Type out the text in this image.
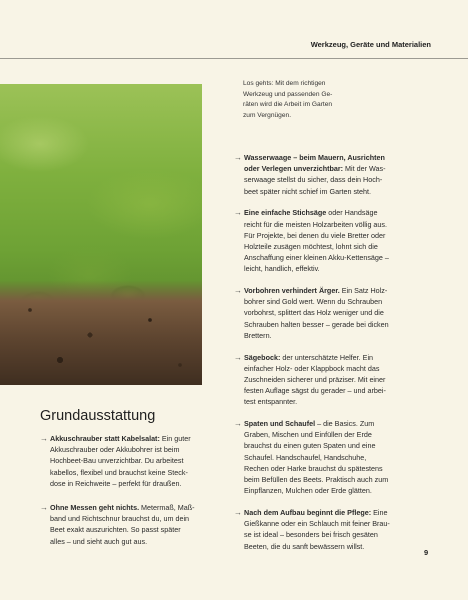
Werkzeug, Geräte und Materialien
Los gehts: Mit dem richtigen
Werkzeug und passenden Ge-
räten wird die Arbeit im Garten
zum Vergnügen.
Grundausstattung
→ Akkuschrauber statt Kabelsalat: Ein guter
Akkuschrauber oder Akkubohrer ist beim
Hochbeet-Bau unverzichtbar. Du arbeitest
kabellos, flexibel und brauchst keine Steck-
dose in Reichweite – perfekt für draußen.
→ Ohne Messen geht nichts. Metermaß, Maß-
band und Richtschnur brauchst du, um dein
Beet exakt auszurichten. So passt später
alles – und sieht auch gut aus.
→ Wasserwaage – beim Mauern, Ausrichten
oder Verlegen unverzichtbar: Mit der Was-
serwaage stellst du sicher, dass dein Hoch-
beet später nicht schief im Garten steht.
→ Eine einfache Stichsäge oder Handsäge
reicht für die meisten Holzarbeiten völlig aus.
Für Projekte, bei denen du viele Bretter oder
Holzteile zusägen möchtest, lohnt sich die
Anschaffung einer kleinen Akku-Kettensäge –
leicht, handlich, effektiv.
→ Vorbohren verhindert Ärger. Ein Satz Holz-
bohrer sind Gold wert. Wenn du Schrauben
vorbohrst, splittert das Holz weniger und die
Schrauben halten besser – gerade bei dicken
Brettern.
→ Sägebock: der unterschätzte Helfer. Ein
einfacher Holz- oder Klappbock macht das
Zuschneiden sicherer und präziser. Mit einer
festen Auflage sägst du gerader – und arbei-
test entspannter.
→ Spaten und Schaufel – die Basics. Zum
Graben, Mischen und Einfüllen der Erde
brauchst du einen guten Spaten und eine
Schaufel. Handschaufel, Handschuhe,
Rechen oder Harke brauchst du spätestens
beim Befüllen des Beets. Praktisch auch zum
Einpflanzen, Mulchen oder Erde glätten.
→ Nach dem Aufbau beginnt die Pflege: Eine
Gießkanne oder ein Schlauch mit feiner Brau-
se ist ideal – besonders bei frisch gesäten
Beeten, die du sanft bewässern willst.
9
